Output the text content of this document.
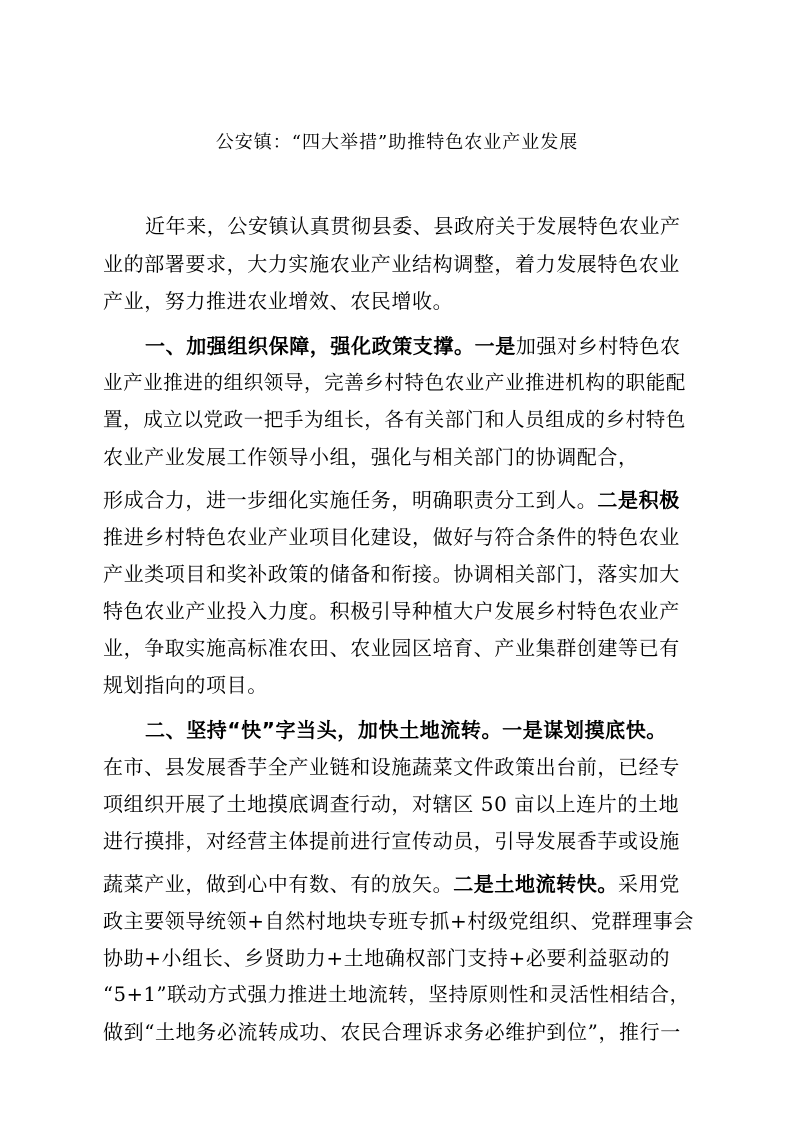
公安镇：“四大举措”助推特色农业产业发展

近年来，公安镇认真贯彻县委、县政府关于发展特色农业产

业的部署要求，大力实施农业产业结构调整，着力发展特色农业

产业，努力推进农业增效、农民增收。

一、加强组织保障，强化政策支撑。一是加强对乡村特色农

业产业推进的组织领导，完善乡村特色农业产业推进机构的职能配

置，成立以党政一把手为组长，各有关部门和人员组成的乡村特色

农业产业发展工作领导小组，强化与相关部门的协调配合，

形成合力，进一步细化实施任务，明确职责分工到人。二是积极

推进乡村特色农业产业项目化建设，做好与符合条件的特色农业

产业类项目和奖补政策的储备和衔接。协调相关部门，落实加大

特色农业产业投入力度。积极引导种植大户发展乡村特色农业产

业，争取实施高标准农田、农业园区培育、产业集群创建等已有

规划指向的项目。

二、坚持“快”字当头，加快土地流转。一是谋划摸底快。

在市、县发展香芋全产业链和设施蔬菜文件政策出台前，已经专

项组织开展了土地摸底调查行动，对辖区 50 亩以上连片的土地

进行摸排，对经营主体提前进行宣传动员，引导发展香芋或设施

蔬菜产业，做到心中有数、有的放矢。二是土地流转快。采用党

政主要领导统领+自然村地块专班专抓+村级党组织、党群理事会

协助+小组长、乡贤助力+土地确权部门支持+必要利益驱动的

“5+1”联动方式强力推进土地流转，坚持原则性和灵活性相结合，

做到“土地务必流转成功、农民合理诉求务必维护到位”，推行一
